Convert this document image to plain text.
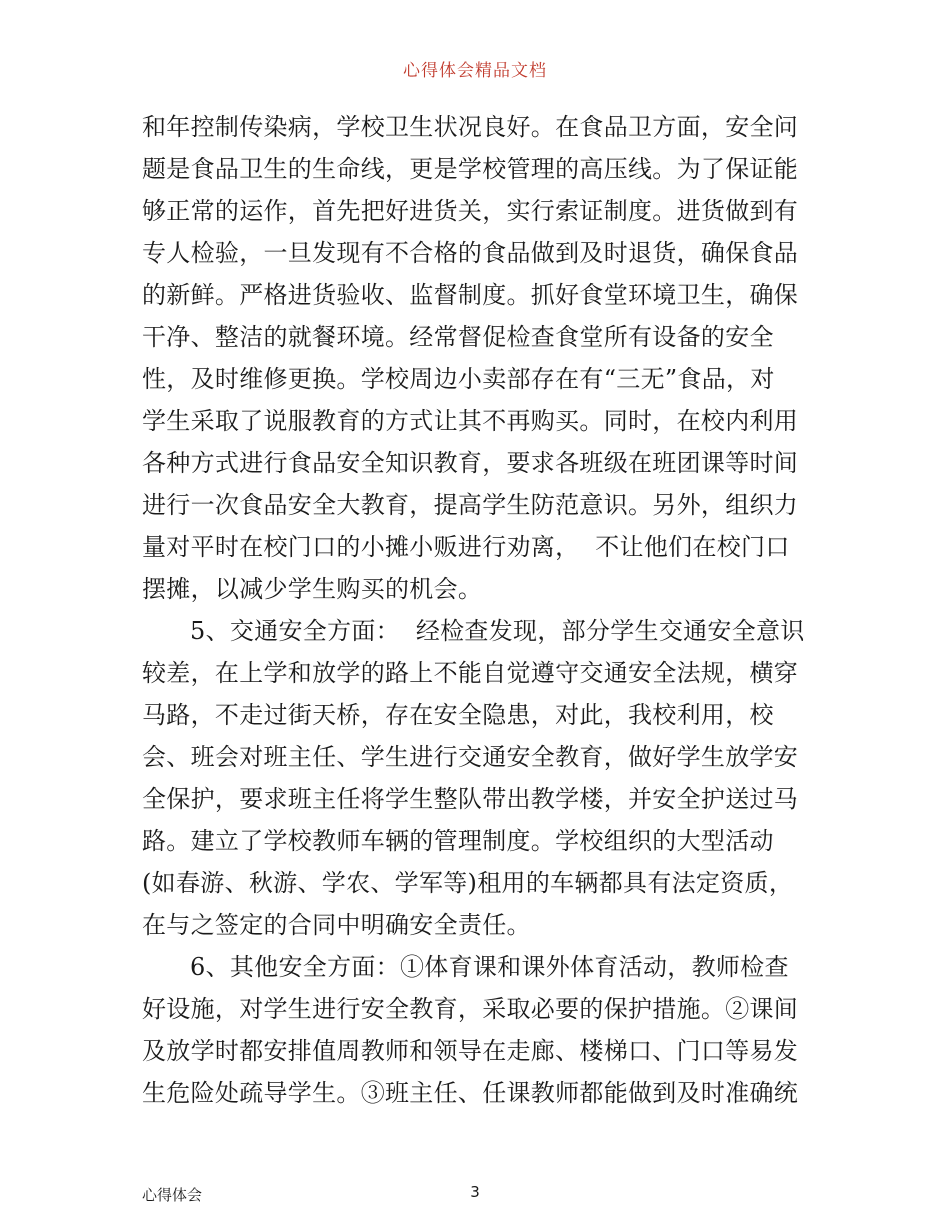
心得体会精品文档
和年控制传染病，学校卫生状况良好。在食品卫方面，安全问
题是食品卫生的生命线，更是学校管理的高压线。为了保证能
够正常的运作，首先把好进货关，实行索证制度。进货做到有
专人检验，一旦发现有不合格的食品做到及时退货，确保食品
的新鲜。严格进货验收、监督制度。抓好食堂环境卫生，确保
干净、整洁的就餐环境。经常督促检查食堂所有设备的安全
性，及时维修更换。学校周边小卖部存在有“三无”食品，对
学生采取了说服教育的方式让其不再购买。同时，在校内利用
各种方式进行食品安全知识教育，要求各班级在班团课等时间
进行一次食品安全大教育，提高学生防范意识。另外，组织力
量对平时在校门口的小摊小贩进行劝离，  不让他们在校门口
摆摊，以减少学生购买的机会。
5、交通安全方面：  经检查发现，部分学生交通安全意识
较差，在上学和放学的路上不能自觉遵守交通安全法规，横穿
马路，不走过街天桥，存在安全隐患，对此，我校利用，校
会、班会对班主任、学生进行交通安全教育，做好学生放学安
全保护，要求班主任将学生整队带出教学楼，并安全护送过马
路。建立了学校教师车辆的管理制度。学校组织的大型活动
(如春游、秋游、学农、学军等)租用的车辆都具有法定资质，
在与之签定的合同中明确安全责任。
6、其他安全方面：①体育课和课外体育活动，教师检查
好设施，对学生进行安全教育，采取必要的保护措施。②课间
及放学时都安排值周教师和领导在走廊、楼梯口、门口等易发
生危险处疏导学生。③班主任、任课教师都能做到及时准确统
心得体会	3
